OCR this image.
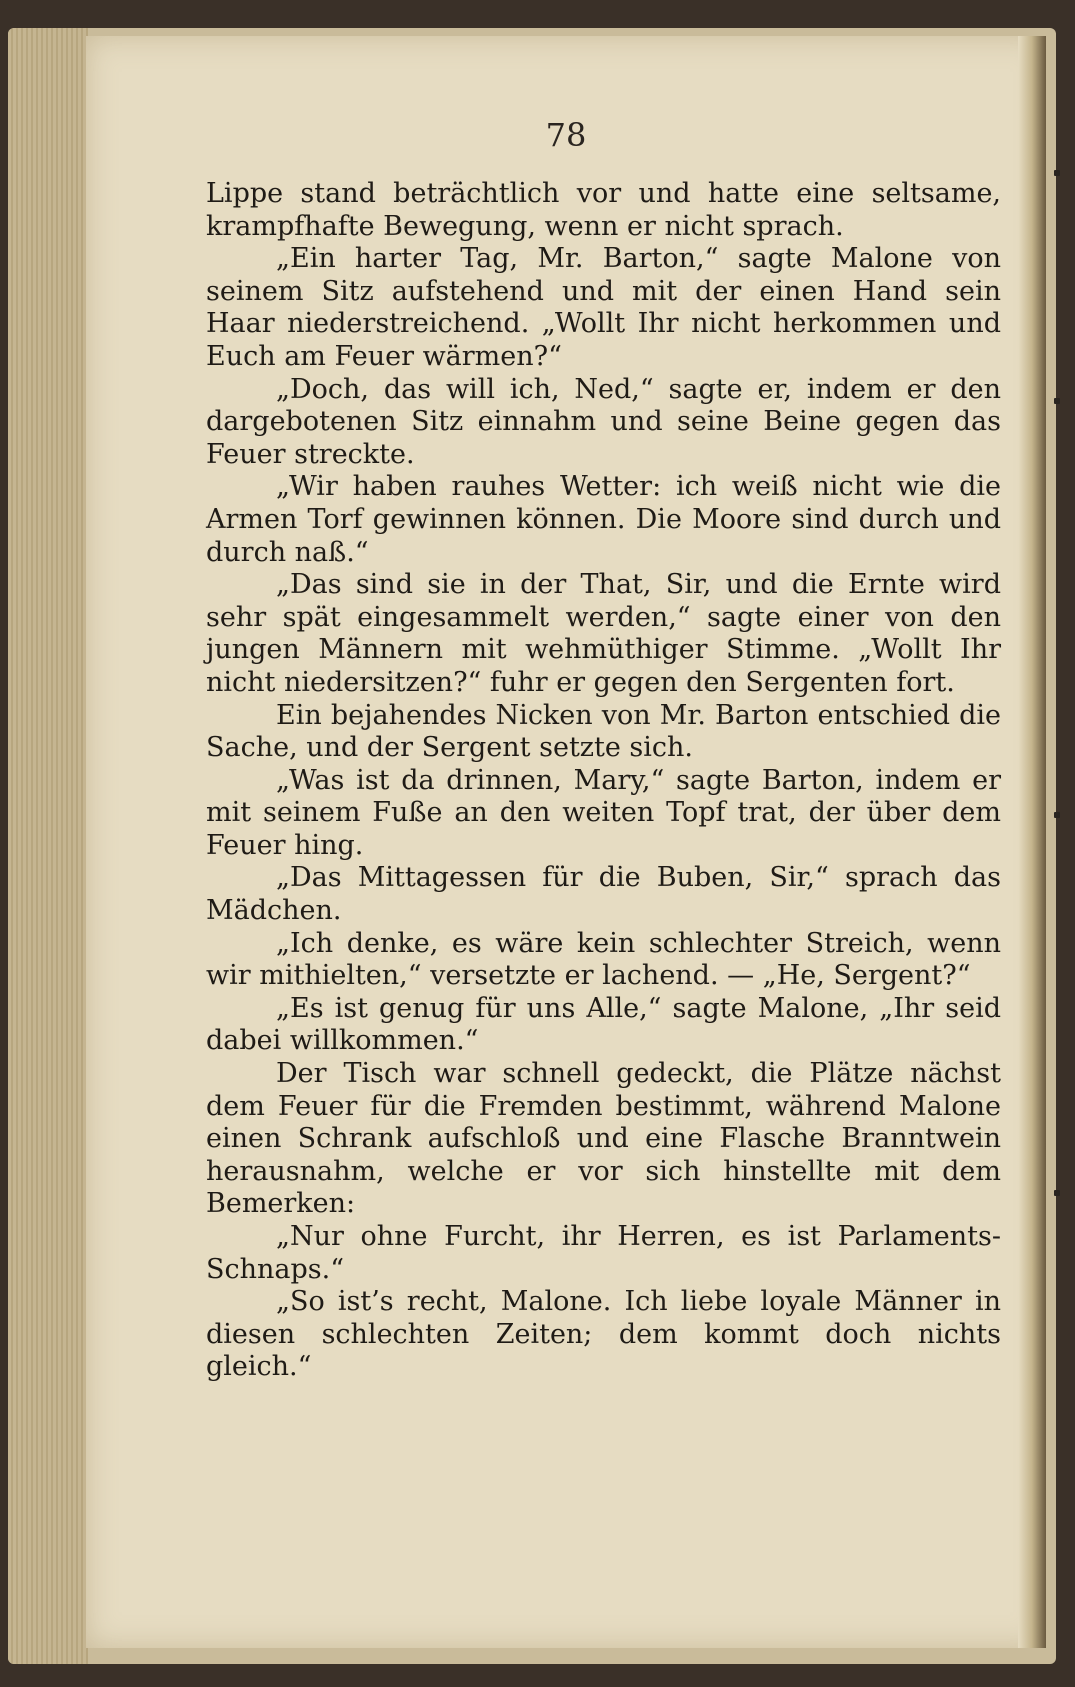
78

Lippe stand beträchtlich vor und hatte eine seltsame, krampfhafte Bewegung, wenn er nicht sprach.

„Ein harter Tag, Mr. Barton,“ sagte Malone von seinem Sitz aufstehend und mit der einen Hand sein Haar niederstreichend. „Wollt Ihr nicht herkommen und Euch am Feuer wärmen?“

„Doch, das will ich, Ned,“ sagte er, indem er den dargebotenen Sitz einnahm und seine Beine gegen das Feuer streckte.

„Wir haben rauhes Wetter: ich weiß nicht wie die Armen Torf gewinnen können. Die Moore sind durch und durch naß.“

„Das sind sie in der That, Sir, und die Ernte wird sehr spät eingesammelt werden,“ sagte einer von den jungen Männern mit wehmüthiger Stimme. „Wollt Ihr nicht niedersitzen?“ fuhr er gegen den Sergenten fort.

Ein bejahendes Nicken von Mr. Barton entschied die Sache, und der Sergent setzte sich.

„Was ist da drinnen, Mary,“ sagte Barton, indem er mit seinem Fuße an den weiten Topf trat, der über dem Feuer hing.

„Das Mittagessen für die Buben, Sir,“ sprach das Mädchen.

„Ich denke, es wäre kein schlechter Streich, wenn wir mithielten,“ versetzte er lachend. — „He, Sergent?“

„Es ist genug für uns Alle,“ sagte Malone, „Ihr seid dabei willkommen.“

Der Tisch war schnell gedeckt, die Plätze nächst dem Feuer für die Fremden bestimmt, während Malone einen Schrank aufschloß und eine Flasche Branntwein herausnahm, welche er vor sich hinstellte mit dem Bemerken:

„Nur ohne Furcht, ihr Herren, es ist Parlaments-Schnaps.“

„So ist’s recht, Malone. Ich liebe loyale Männer in diesen schlechten Zeiten; dem kommt doch nichts gleich.“
